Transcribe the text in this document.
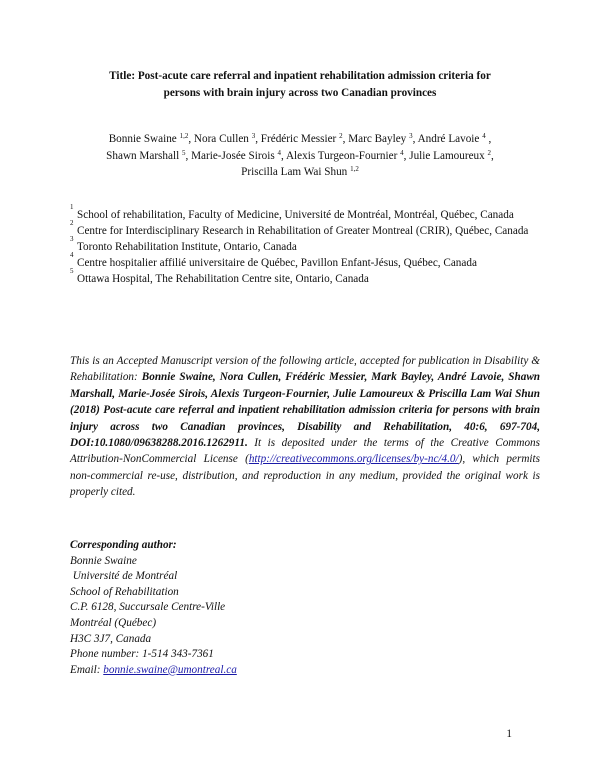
Title: Post-acute care referral and inpatient rehabilitation admission criteria for
persons with brain injury across two Canadian provinces
Bonnie Swaine $^{1,2}$, Nora Cullen $^3$, Frédéric Messier $^2$, Marc Bayley $^3$, André Lavoie $^4$ ,
Shawn Marshall $^5$, Marie-Josée Sirois $^4$, Alexis Turgeon-Fournier $^4$, Julie Lamoureux $^2$,
Priscilla Lam Wai Shun $^{1,2}$
1
School of rehabilitation, Faculty of Medicine, Université de Montréal, Montréal, Québec, Canada
2
Centre for Interdisciplinary Research in Rehabilitation of Greater Montreal (CRIR), Québec, Canada
3
Toronto Rehabilitation Institute, Ontario, Canada
4
Centre hospitalier affilié universitaire de Québec, Pavillon Enfant-Jésus, Québec, Canada
5
Ottawa Hospital, The Rehabilitation Centre site, Ontario, Canada
This is an Accepted Manuscript version of the following article, accepted for publication in Disability & Rehabilitation: Bonnie Swaine, Nora Cullen, Frédéric Messier, Mark Bayley, André Lavoie, Shawn Marshall, Marie-Josée Sirois, Alexis Turgeon-Fournier, Julie Lamoureux & Priscilla Lam Wai Shun (2018) Post-acute care referral and inpatient rehabilitation admission criteria for persons with brain injury across two Canadian provinces, Disability and Rehabilitation, 40:6, 697-704, DOI:10.1080/09638288.2016.1262911. It is deposited under the terms of the Creative Commons Attribution-NonCommercial License (http://creativecommons.org/licenses/by-nc/4.0/), which permits non-commercial re-use, distribution, and reproduction in any medium, provided the original work is properly cited.
Corresponding author:
Bonnie Swaine
Université de Montréal
School of Rehabilitation
C.P. 6128, Succursale Centre-Ville
Montréal (Québec)
H3C 3J7, Canada
Phone number: 1-514 343-7361
Email: bonnie.swaine@umontreal.ca
1
